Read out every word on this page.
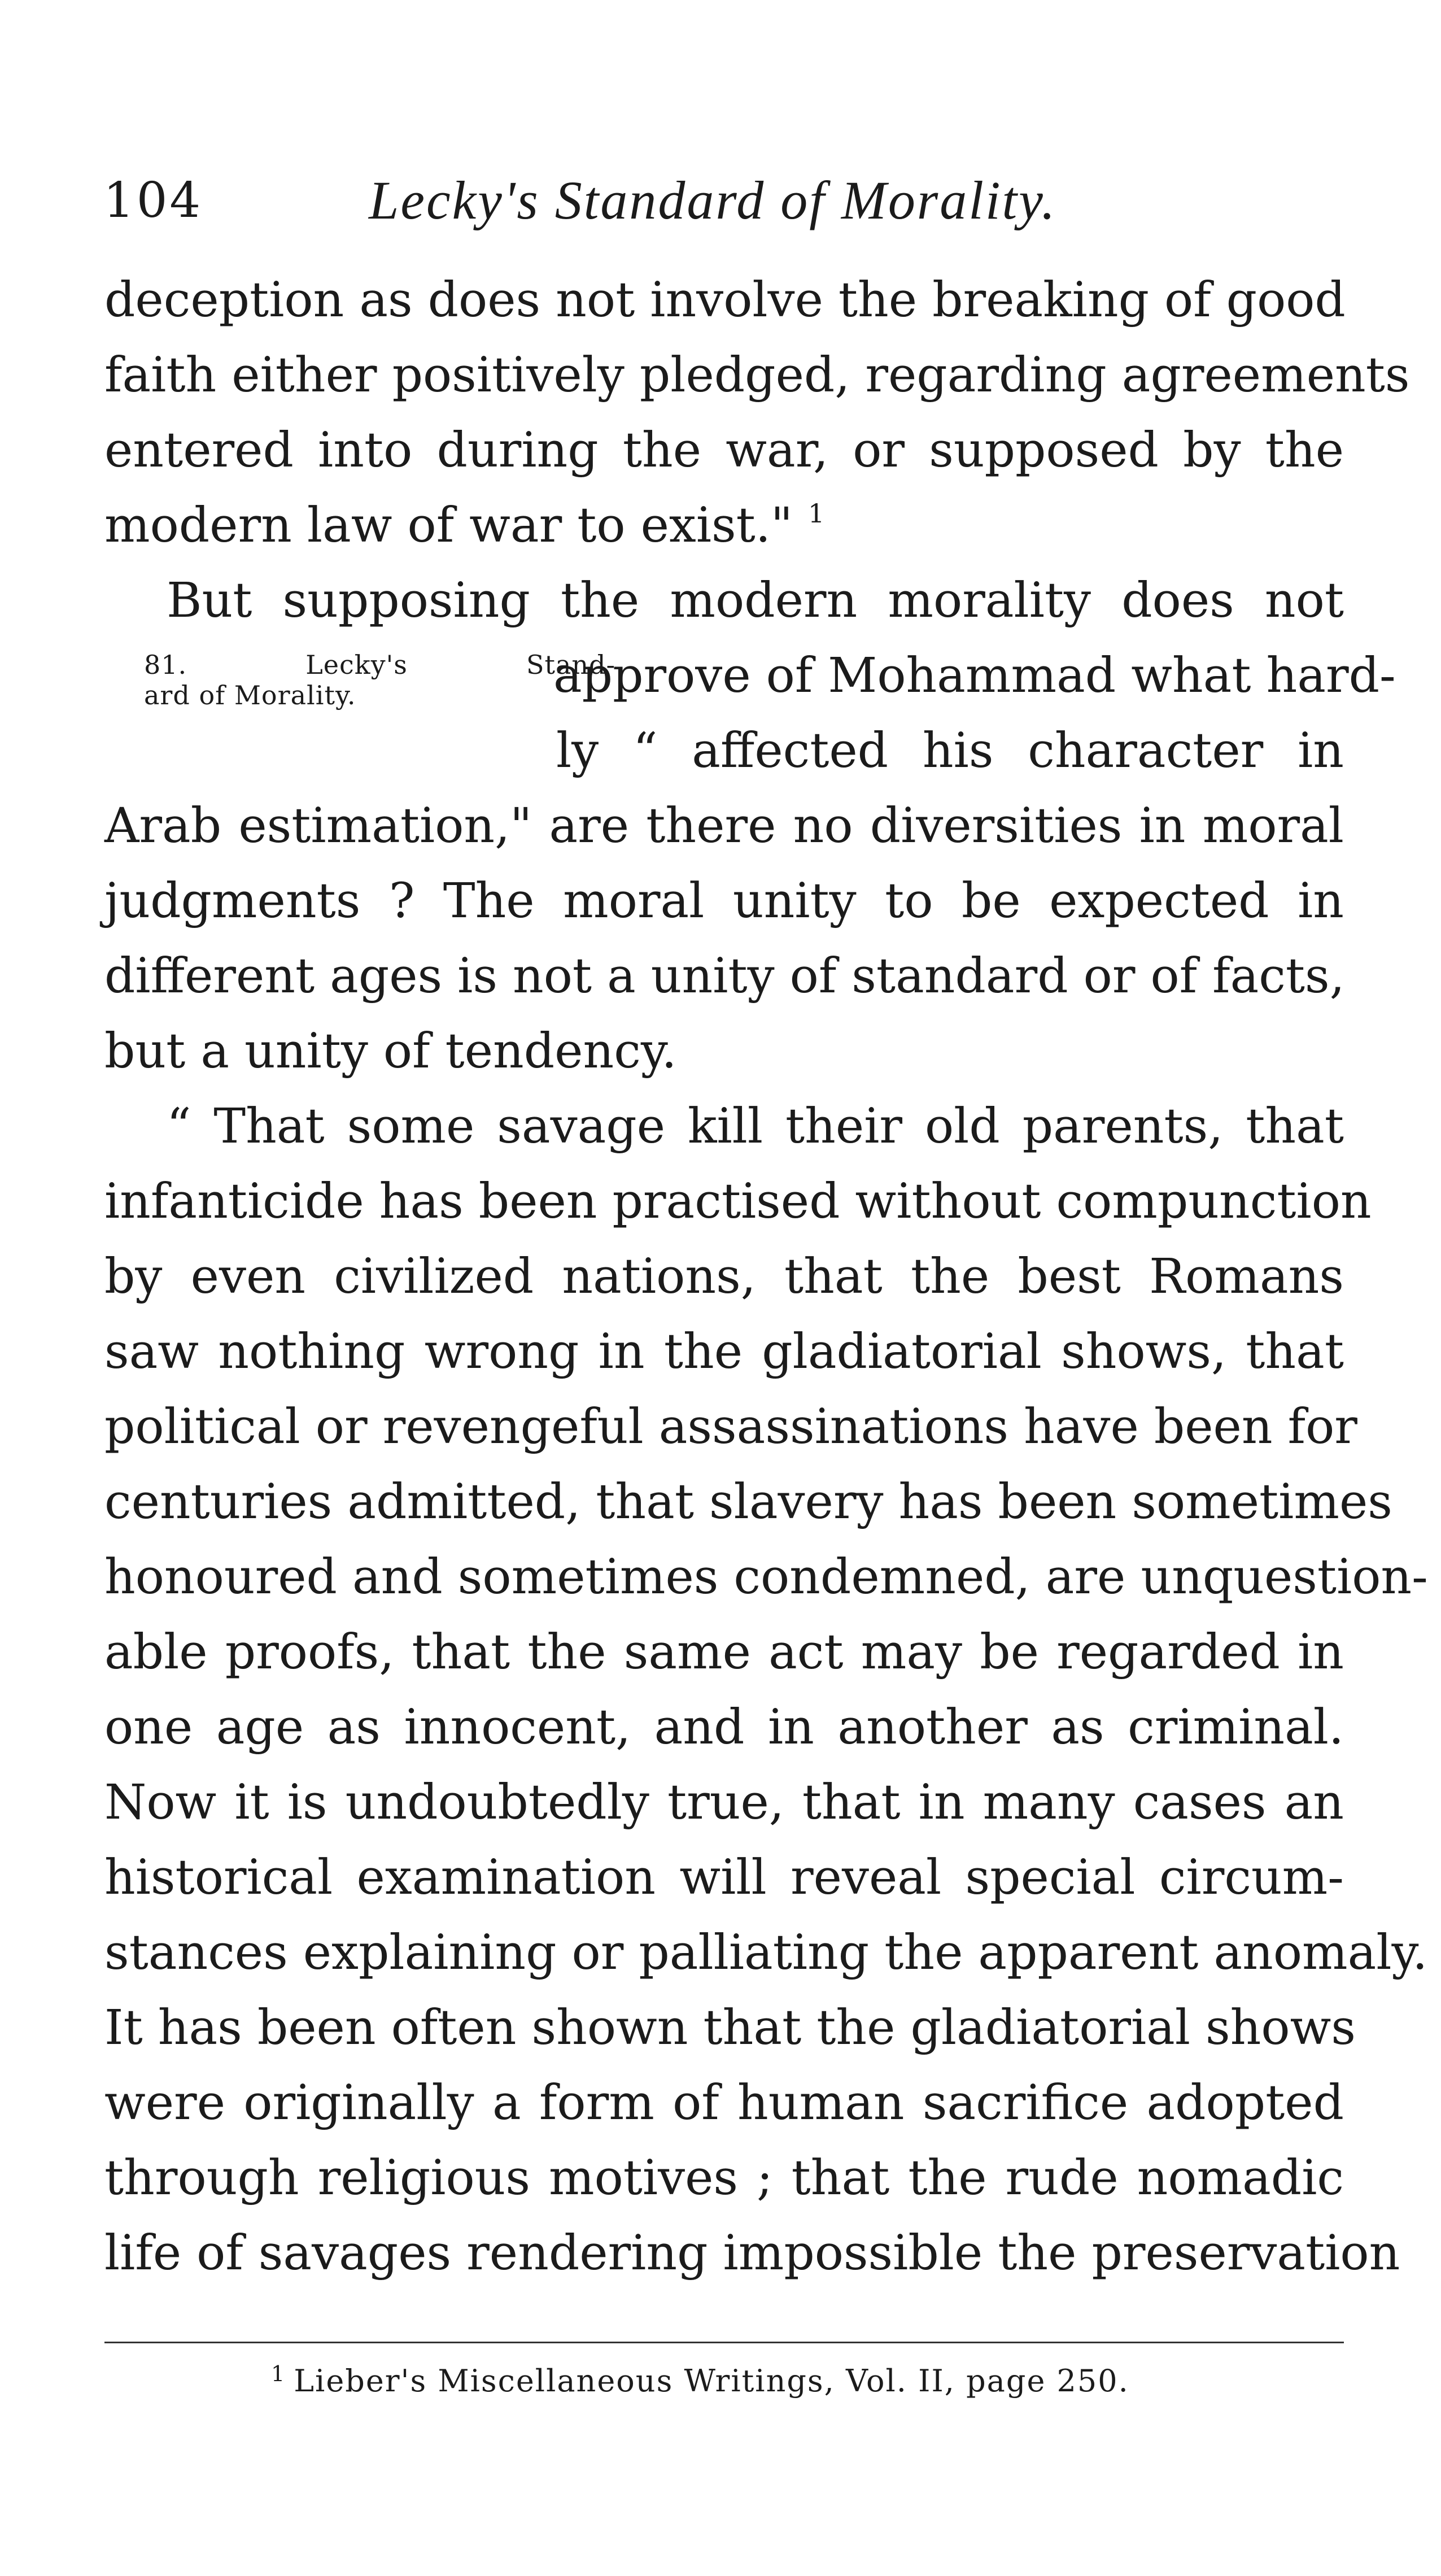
104	Lecky's Standard of Morality.
deception as does not involve the breaking of good
faith either positively pledged, regarding agreements
entered into during the war, or supposed by the
modern law of war to exist." $^1$
But supposing the modern morality does not
81. Lecky's Stand-
ard of Morality.	approve of Mohammad what hard-
ly “ affected his character in
Arab estimation," are there no diversities in moral
judgments ? The moral unity to be expected in
different ages is not a unity of standard or of facts,
but a unity of tendency.
“ That some savage kill their old parents, that
infanticide has been practised without compunction
by even civilized nations, that the best Romans
saw nothing wrong in the gladiatorial shows, that
political or revengeful assassinations have been for
centuries admitted, that slavery has been sometimes
honoured and sometimes condemned, are unquestion-
able proofs, that the same act may be regarded in
one age as innocent, and in another as criminal.
Now it is undoubtedly true, that in many cases an
historical examination will reveal special circum-
stances explaining or palliating the apparent anomaly.
It has been often shown that the gladiatorial shows
were originally a form of human sacrifice adopted
through religious motives ; that the rude nomadic
life of savages rendering impossible the preservation
$^1$ Lieber's Miscellaneous Writings, Vol. II, page 250.
